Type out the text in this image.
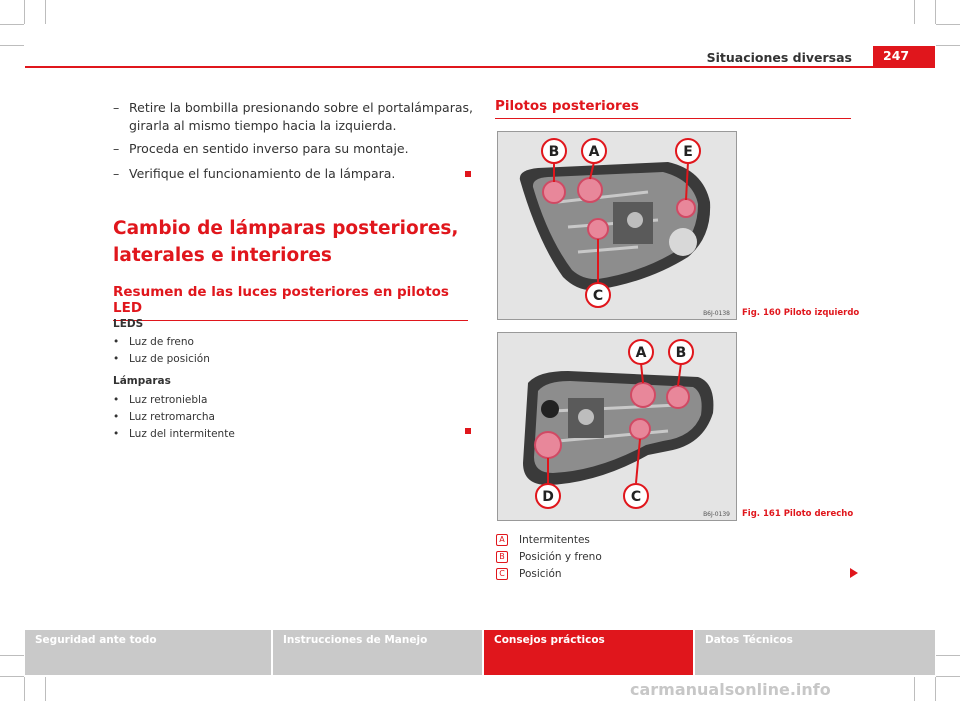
Situaciones diversas	247
– Retire la bombilla presionando sobre el portalámparas, girarla al mismo tiempo hacia la izquierda.
– Proceda en sentido inverso para su montaje.
– Verifique el funcionamiento de la lámpara.
Cambio de lámparas posteriores, laterales e interiores
Resumen de las luces posteriores en pilotos LED
LEDS
• Luz de freno
• Luz de posición
Lámparas
• Luz retroniebla
• Luz retromarcha
• Luz del intermitente
Pilotos posteriores
B A	E
C
B6J-0138 Fig. 160 Piloto izquierdo
A B
D	C
B6J-0139 Fig. 161 Piloto derecho
A Intermitentes
B Posición y freno
C Posición
Seguridad ante todo	Instrucciones de Manejo	Consejos prácticos	Datos Técnicos
carmanualsonline.info
